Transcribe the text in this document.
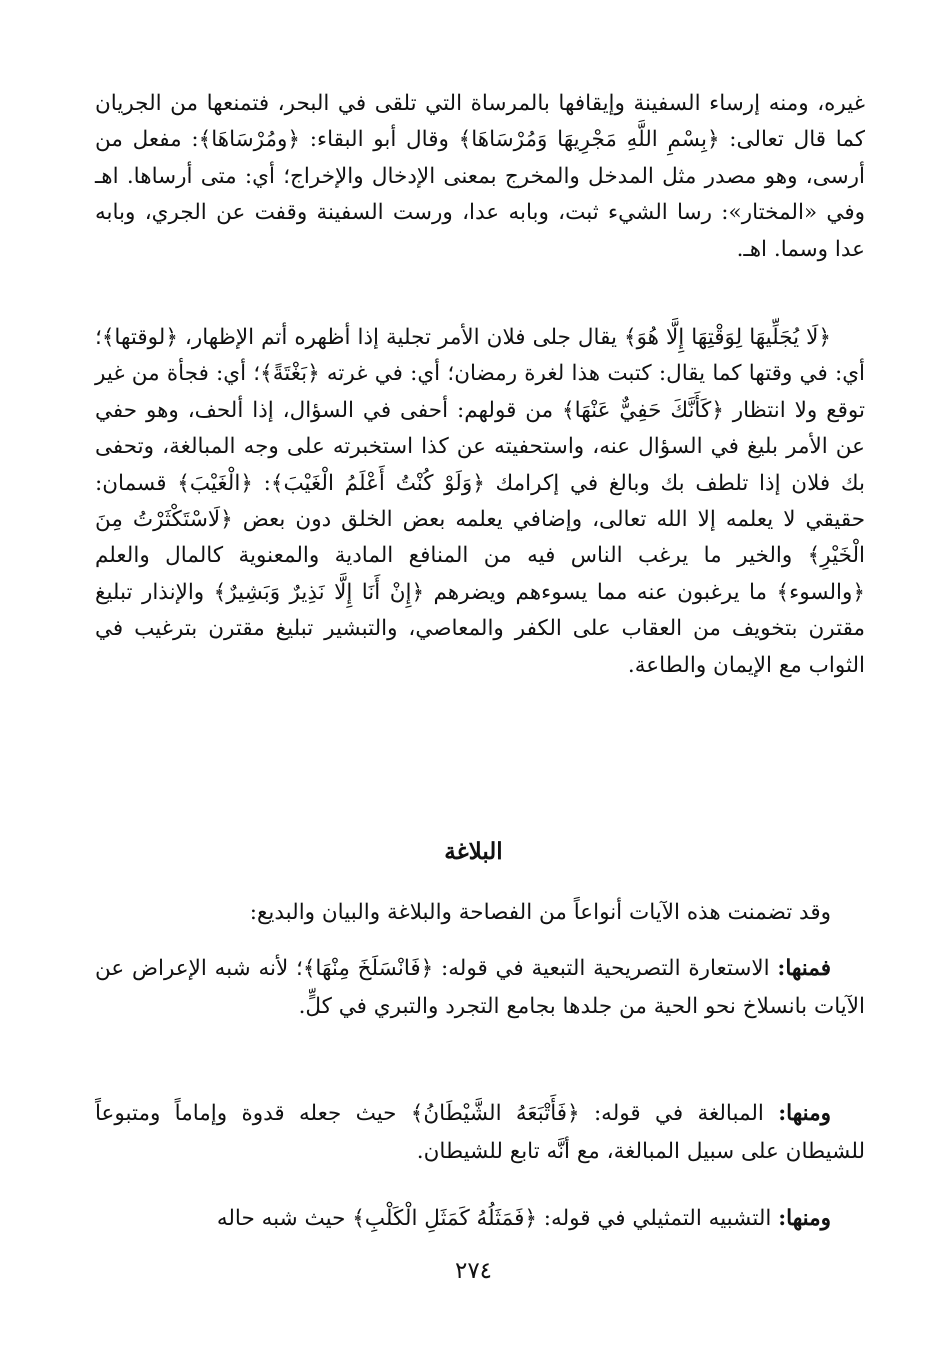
غيره، ومنه إرساء السفينة وإيقافها بالمرساة التي تلقى في البحر، فتمنعها من الجريان كما قال تعالى: ﴿بِسْمِ اللَّهِ مَجْرِيهَا وَمُرْسَاهَا﴾ وقال أبو البقاء: ﴿ومُرْسَاهَا﴾: مفعل من أرسى، وهو مصدر مثل المدخل والمخرج بمعنى الإدخال والإخراج؛ أي: متى أرساها. اهـ وفي «المختار»: رسا الشيء ثبت، وبابه عدا، ورست السفينة وقفت عن الجري، وبابه عدا وسما. اهـ.

﴿لَا يُجَلِّيهَا لِوَقْتِهَا إِلَّا هُوَ﴾ يقال جلى فلان الأمر تجلية إذا أظهره أتم الإظهار، ﴿لوقتها﴾؛ أي: في وقتها كما يقال: كتبت هذا لغرة رمضان؛ أي: في غرته ﴿بَغْتَةً﴾؛ أي: فجأة من غير توقع ولا انتظار ﴿كَأَنَّكَ حَفِيٌّ عَنْهَا﴾ من قولهم: أحفى في السؤال، إذا ألحف، وهو حفي عن الأمر بليغ في السؤال عنه، واستحفيته عن كذا استخبرته على وجه المبالغة، وتحفى بك فلان إذا تلطف بك وبالغ في إكرامك ﴿وَلَوْ كُنْتُ أَعْلَمُ الْغَيْبَ﴾: ﴿الْغَيْبَ﴾ قسمان: حقيقي لا يعلمه إلا الله تعالى، وإضافي يعلمه بعض الخلق دون بعض ﴿لَاسْتَكْثَرْتُ مِنَ الْخَيْرِ﴾ والخير ما يرغب الناس فيه من المنافع المادية والمعنوية كالمال والعلم ﴿والسوء﴾ ما يرغبون عنه مما يسوءهم ويضرهم ﴿إِنْ أَنَا إِلَّا نَذِيرٌ وَبَشِيرٌ﴾ والإنذار تبليغ مقترن بتخويف من العقاب على الكفر والمعاصي، والتبشير تبليغ مقترن بترغيب في الثواب مع الإيمان والطاعة.

البلاغة

وقد تضمنت هذه الآيات أنواعاً من الفصاحة والبلاغة والبيان والبديع:

فمنها: الاستعارة التصريحية التبعية في قوله: ﴿فَانْسَلَخَ مِنْهَا﴾؛ لأنه شبه الإعراض عن الآيات بانسلاخ نحو الحية من جلدها بجامع التجرد والتبري في كلٍّ.

ومنها: المبالغة في قوله: ﴿فَأَتْبَعَهُ الشَّيْطَانُ﴾ حيث جعله قدوة وإماماً ومتبوعاً للشيطان على سبيل المبالغة، مع أنَّه تابع للشيطان.

ومنها: التشبيه التمثيلي في قوله: ﴿فَمَثَلُهُ كَمَثَلِ الْكَلْبِ﴾ حيث شبه حاله

٢٧٤
